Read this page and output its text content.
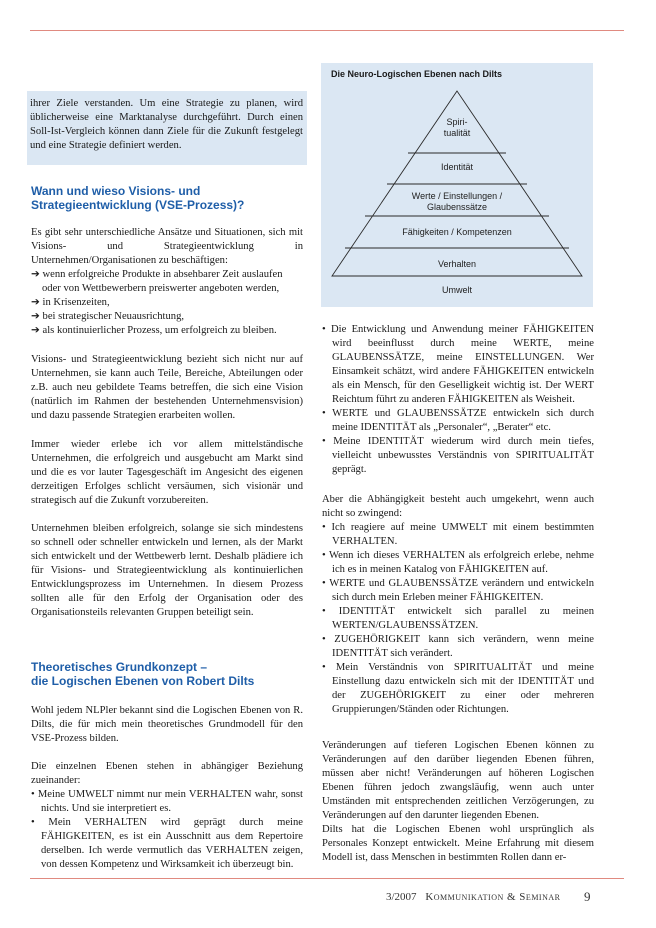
ihrer Ziele verstanden. Um eine Strategie zu planen, wird üblicherweise eine Marktanalyse durchgeführt. Durch einen Soll-Ist-Vergleich können dann Ziele für die Zukunft festgelegt und eine Strategie definiert werden.

Wann und wieso Visions- und
Strategieentwicklung (VSE-Prozess)?

Es gibt sehr unterschiedliche Ansätze und Situationen, sich mit Visions- und Strategieentwicklung in Unternehmen/Organisationen zu beschäftigen:

➔ wenn erfolgreiche Produkte in absehbarer Zeit auslaufen

oder von Wettbewerbern preiswerter angeboten werden,

➔ in Krisenzeiten,

➔ bei strategischer Neuausrichtung,

➔ als kontinuierlicher Prozess, um erfolgreich zu bleiben.

Visions- und Strategieentwicklung bezieht sich nicht nur auf Unternehmen, sie kann auch Teile, Bereiche, Abteilungen oder z.B. auch neu gebildete Teams betreffen, die sich eine Vision (natürlich im Rahmen der bestehenden Unternehmensvision) und dazu passende Strategien erarbeiten wollen.
Immer wieder erlebe ich vor allem mittelständische Unternehmen, die erfolgreich und ausgebucht am Markt sind und die es vor lauter Tagesgeschäft im Angesicht des eigenen derzeitigen Erfolges schlicht versäumen, sich visionär und strategisch auf die Zukunft vorzubereiten.
Unternehmen bleiben erfolgreich, solange sie sich mindestens so schnell oder schneller entwickeln und lernen, als der Markt sich entwickelt und der Wettbewerb lernt. Deshalb plädiere ich für Visions- und Strategieentwicklung als kontinuierlichen Entwicklungsprozess im Unternehmen. In diesem Prozess sollten alle für den Erfolg der Organisation oder des Organisationsteils relevanten Gruppen beteiligt sein.
Theoretisches Grundkonzept –
die Logischen Ebenen von Robert Dilts
Wohl jedem NLPler bekannt sind die Logischen Ebenen von R. Dilts, die für mich mein theoretisches Grundmodell für den VSE-Prozess bilden.
Die einzelnen Ebenen stehen in abhängiger Beziehung zueinander:

• Meine UMWELT nimmt nur mein VERHALTEN wahr, sonst nichts. Und sie interpretiert es.

• Mein VERHALTEN wird geprägt durch meine FÄHIGKEITEN, es ist ein Ausschnitt aus dem Repertoire derselben. Ich werde vermutlich das VERHALTEN zeigen, von dessen Kompetenz und Wirksamkeit ich überzeugt bin.

Die Neuro-Logischen Ebenen nach Dilts
Spiri-
tualität
Identität
Werte / Einstellungen /
Glaubenssätze
Fähigkeiten / Kompetenzen
Verhalten
Umwelt

• Die Entwicklung und Anwendung meiner FÄHIGKEITEN wird beeinflusst durch meine WERTE, meine GLAUBENSSÄTZE, meine EINSTELLUNGEN. Wer Einsamkeit schätzt, wird andere FÄHIGKEITEN entwickeln als ein Mensch, für den Geselligkeit wichtig ist. Der WERT Reichtum führt zu anderen FÄHIGKEITEN als Weisheit.

• WERTE und GLAUBENSSÄTZE entwickeln sich durch meine IDENTITÄT als „Personaler“, „Berater“ etc.

• Meine IDENTITÄT wiederum wird durch mein tiefes, vielleicht unbewusstes Verständnis von SPIRITUALITÄT geprägt.

Aber die Abhängigkeit besteht auch umgekehrt, wenn auch nicht so zwingend:

• Ich reagiere auf meine UMWELT mit einem bestimmten VERHALTEN.

• Wenn ich dieses VERHALTEN als erfolgreich erlebe, nehme ich es in meinen Katalog von FÄHIGKEITEN auf.

• WERTE und GLAUBENSSÄTZE verändern und entwickeln sich durch mein Erleben meiner FÄHIGKEITEN.

• IDENTITÄT entwickelt sich parallel zu meinen WERTEN/GLAUBENSSÄTZEN.

• ZUGEHÖRIGKEIT kann sich verändern, wenn meine IDENTITÄT sich verändert.

• Mein Verständnis von SPIRITUALITÄT und meine Einstellung dazu entwickeln sich mit der IDENTITÄT und der ZUGEHÖRIGKEIT zu einer oder mehreren Gruppierungen/Ständen oder Richtungen.

Veränderungen auf tieferen Logischen Ebenen können zu Veränderungen auf den darüber liegenden Ebenen führen, müssen aber nicht! Veränderungen auf höheren Logischen Ebenen führen jedoch zwangsläufig, wenn auch unter Umständen mit entsprechenden zeitlichen Verzögerungen, zu Veränderungen auf den darunter liegenden Ebenen.
Dilts hat die Logischen Ebenen wohl ursprünglich als Personales Konzept entwickelt. Meine Erfahrung mit diesem Modell ist, dass Menschen in bestimmten Rollen dann er-
3/2007 Kommunikation & Seminar 9
